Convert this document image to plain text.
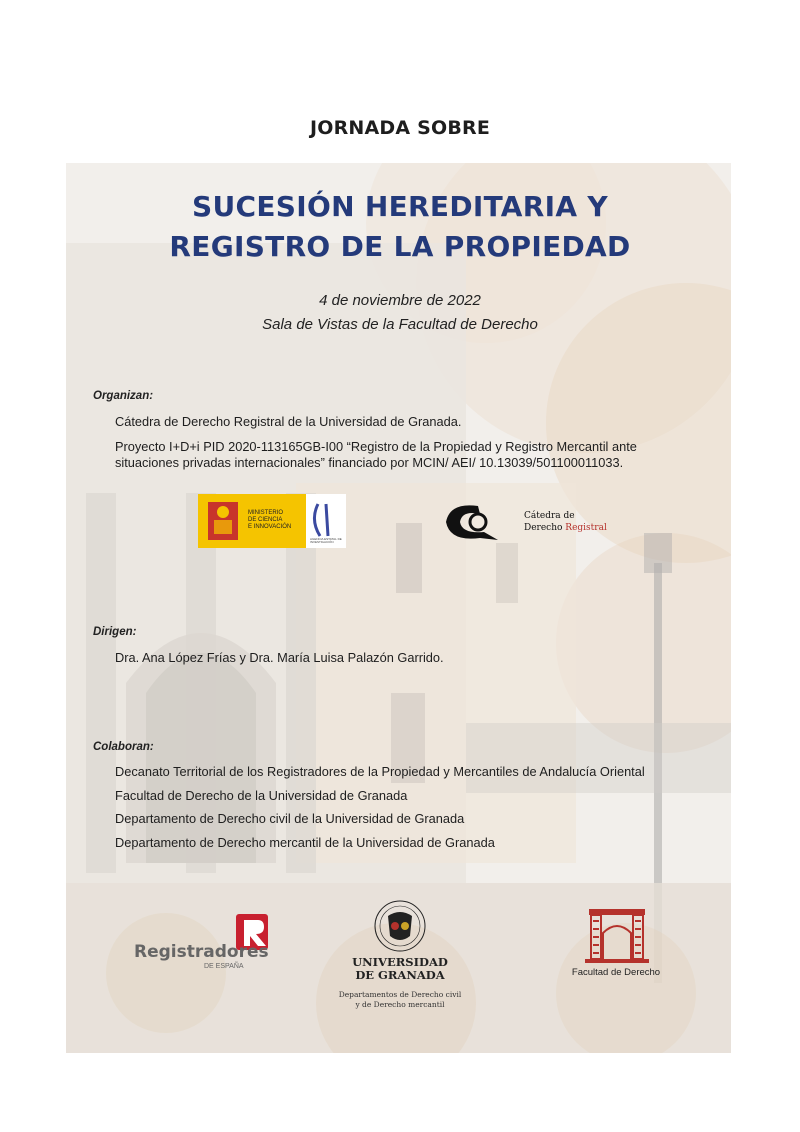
JORNADA SOBRE
SUCESIÓN HEREDITARIA Y
REGISTRO DE LA PROPIEDAD
4 de noviembre de 2022
Sala de Vistas de la Facultad de Derecho
Organizan:
Cátedra de Derecho Registral de la Universidad de Granada.
Proyecto I+D+i PID 2020-113165GB-I00 “Registro de la Propiedad y Registro Mercantil ante
situaciones privadas internacionales” financiado por MCIN/ AEI/ 10.13039/501100011033.
MINISTERIO
DE CIENCIA
E INNOVACIÓN
AGENCIA ESTATAL DE INVESTIGACIÓN
Cátedra de
Derecho Registral
Dirigen:
Dra. Ana López Frías y Dra. María Luisa Palazón Garrido.
Colaboran:
Decanato Territorial de los Registradores de la Propiedad y Mercantiles de Andalucía Oriental
Facultad de Derecho de la Universidad de Granada
Departamento de Derecho civil de la Universidad de Granada
Departamento de Derecho mercantil de la Universidad de Granada
Registradores
DE ESPAÑA	UNIVERSIDAD
DE GRANADA
Departamentos de Derecho civil
y de Derecho mercantil
Facultad de Derecho
